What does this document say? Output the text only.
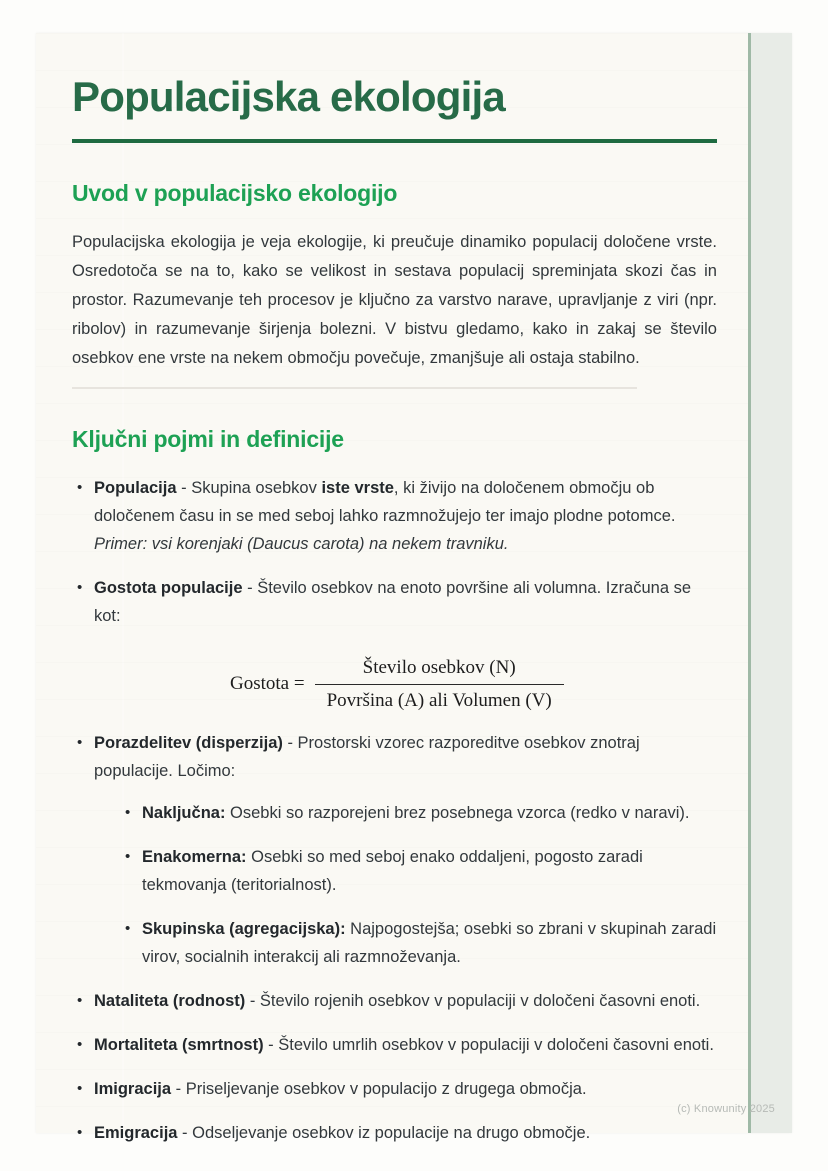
Populacijska ekologija
Uvod v populacijsko ekologijo

Populacijska ekologija je veja ekologije, ki preučuje dinamiko populacij določene vrste. Osredotoča se na to, kako se velikost in sestava populacij spreminjata skozi čas in prostor. Razumevanje teh procesov je ključno za varstvo narave, upravljanje z viri (npr. ribolov) in razumevanje širjenja bolezni. V bistvu gledamo, kako in zakaj se število osebkov ene vrste na nekem območju povečuje, zmanjšuje ali ostaja stabilno.

Ključni pojmi in definicije
• Populacija - Skupina osebkov iste vrste, ki živijo na določenem območju ob določenem času in se med seboj lahko razmnožujejo ter imajo plodne potomce. Primer: vsi korenjaki (Daucus carota) na nekem travniku.
• Gostota populacije - Število osebkov na enoto površine ali volumna. Izračuna se kot:
Gostota = $\frac{\text{Število osebkov (N)}}{\text{Površina (A) ali Volumen (V)}}$
• Porazdelitev (disperzija) - Prostorski vzorec razporeditve osebkov znotraj populacije. Ločimo:
• Naključna: Osebki so razporejeni brez posebnega vzorca (redko v naravi).
• Enakomerna: Osebki so med seboj enako oddaljeni, pogosto zaradi tekmovanja (teritorialnost).
• Skupinska (agregacijska): Najpogostejša; osebki so zbrani v skupinah zaradi virov, socialnih interakcij ali razmnoževanja.
• Nataliteta (rodnost) - Število rojenih osebkov v populaciji v določeni časovni enoti.
• Mortaliteta (smrtnost) - Število umrlih osebkov v populaciji v določeni časovni enoti.
• Imigracija - Priseljevanje osebkov v populacijo z drugega območja.
• Emigracija - Odseljevanje osebkov iz populacije na drugo območje.
(c) Knowunity 2025
